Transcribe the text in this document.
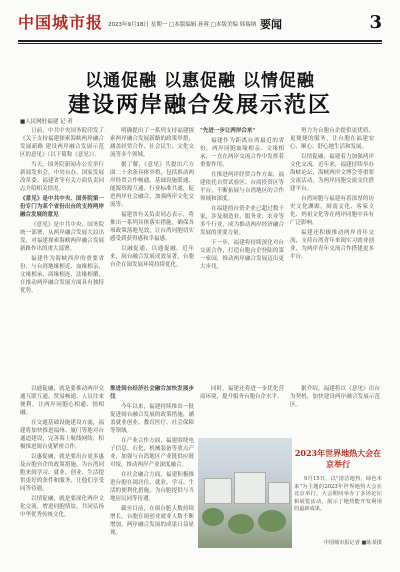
中国城市报 2023年9月18日 星期一 □本版编辑 孙蓉 □本版美编 韩瑞纳 要闻	3
以通促融 以惠促融 以情促融
建设两岸融合发展示范区
■人民网驻福建 记 者

日前，中共中央国务院印发了《关于支持福建探索海峡两岸融合发展新路 建设两岸融合发展示范区的意见》（以下简称《意见》）。

当天，国务院新闻办公室举行新闻发布会，中央台办、国家发展改革委、福建省等有关方面负责同志介绍相关情况。

《意见》是中共中央、国务院第一份专门为某个省份出台的支持两岸融合发展的意见

《意见》是中共中央、国务院统一部署，从两岸融合发展大局出发，对福建探索海峡两岸融合发展新路作出的重大部署。

福建作为海峡西岸的重要省份，与台湾地缘相近、血缘相亲、文缘相承、商缘相连、法缘相循，在推动两岸融合发展方面具有独特优势。

以通促融，就是要推动两岸交通互联互通、贸易畅通、人员往来便利，让两岸同胞心相通、情相融。

在交通基础设施建设方面，福建将加快推进福州、厦门等地对台通道建设，完善海上航线网络，积极推进闽台更紧密合作。

以惠促融，就是要出台更多惠及台胞台企的政策措施，为台湾同胞来闽学习、就业、创业、生活提供更好的条件和服务，让他们享受同等待遇。

以情促融，就是要深化两岸文化交流，增进同胞情谊，共同弘扬中华优秀传统文化。

明确提出了一系列支持福建探索两岸融合发展新路的政策举措，涵盖经贸合作、社会民生、文化交流等多个领域。

据了解，《意见》共提出六方面二十余条具体举措，包括推动两岸经贸合作畅通、基础设施联通、能源资源互通、行业标准共通，促进两岸社会融合、加强两岸文化交流等。

福建省有关负责同志表示，将推出一系列具体落实措施，确保各项政策落地见效，让台湾同胞切实感受到获得感和幸福感。

以融促通，以通促融。近年来，闽台融合发展成效显著，台胞台企在闽发展环境持续优化。

推进闽台经济社会融合加快发展步伐

今年以来，福建持续推出一批促进闽台融合发展的政策措施，涵盖就业创业、教育医疗、社会保障等领域。

在产业合作方面，福建围绕电子信息、石化、机械装备等重点产业，加强与台湾地区产业链供应链对接，推动两岸产业深度融合。

在社会融合方面，福建积极推进台胞在闽居住、就业、学习、生活的便利化措施，为台胞提供与当地居民同等待遇。

截至目前，在闽台胞人数持续增长，台胞在闽创业就业人数不断增加，两岸融合发展的成果日益显现。

"先进一步让两岸合来"

福建作为距离台湾最近的省份，两岸同胞血缘相亲、文缘相承，一直在两岸交流合作中发挥着重要作用。

在推进两岸经贸合作方面，福建依托自贸试验区、台商投资区等平台，不断拓展与台湾地区的合作领域和深度。

在福建的台资企业已超过数千家，涉及制造业、服务业、农业等多个行业，成为推动两岸经济融合发展的重要力量。

下一步，福建将持续深化对台交流合作，打造台胞台企登陆的第一家园，推动两岸融合发展迈出更大步伐。

同时，福建还将进一步优化营商环境，提升服务台胞台企水平。

努力为台胞台企提供更优质、更便捷的服务，让台胞在福建安心、顺心、舒心地生活和发展。

以情促融，福建着力加强两岸文化交流。近年来，福建持续举办海峡论坛、海峡两岸文博会等重要交流活动，为两岸同胞交流交往搭建平台。

台湾同胞与福建有着深厚的历史文化渊源，闽南文化、客家文化、妈祖文化等在两岸同胞中具有广泛影响。

福建还积极推动两岸青年交流，支持台湾青年来闽实习就业创业，为两岸青年交流合作搭建更多平台。

据介绍，福建将以《意见》出台为契机，加快建设两岸融合发展示范区。

2023年世界地热大会在京举行

9月15日，以"清洁地热，绿色未来"为主题的2023年世界地热大会在北京举行。大会期间举办了多场论坛和展览活动，展示了地热能开发利用的最新成果。

中国城市报记者 ■陈某摄
